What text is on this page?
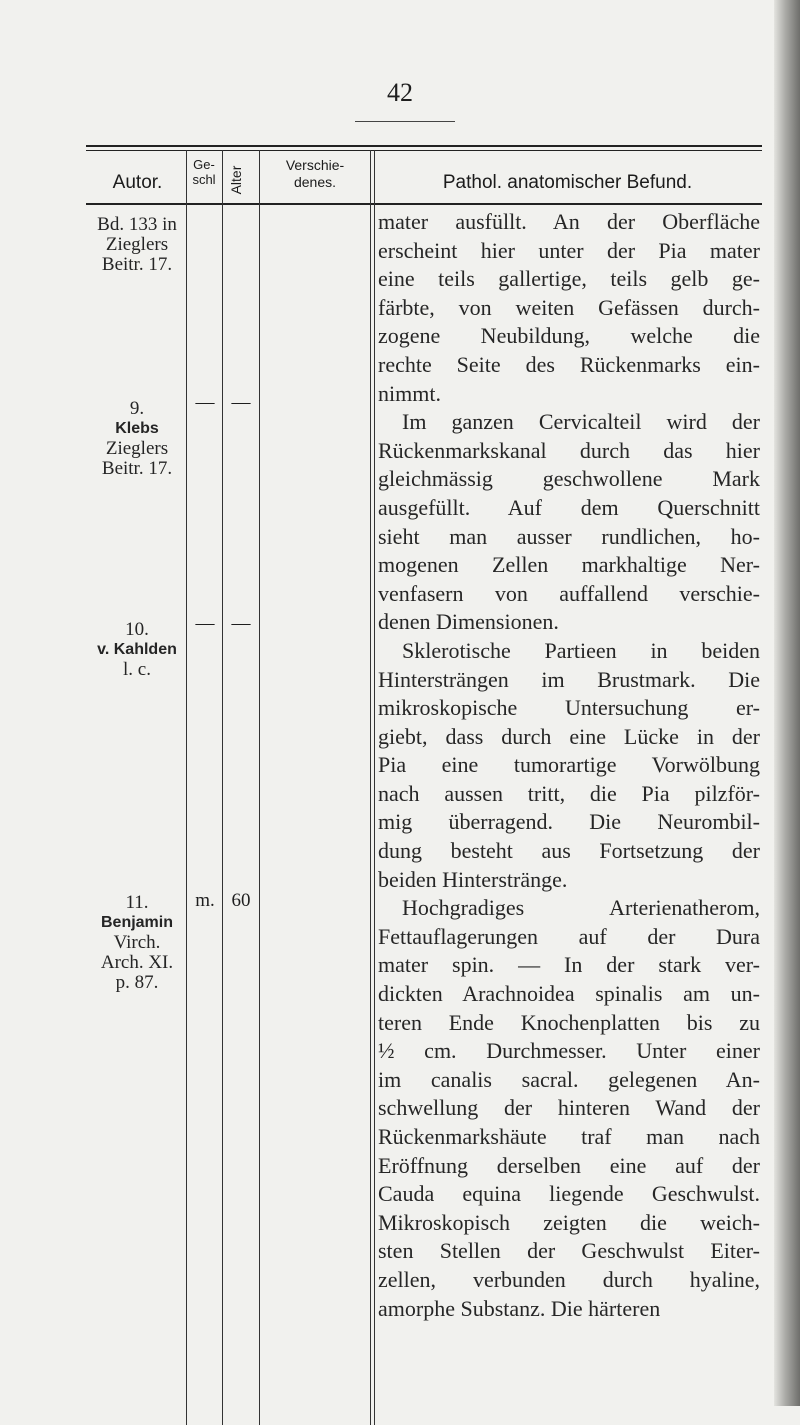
42
Autor.
Ge-
schl Alter
Verschie-
denes.	Pathol. anatomischer Befund.
Bd. 133 in
Zieglers
Beitr. 17.
9.
Klebs
Zieglers
Beitr. 17.
— —
10.
v. Kahlden
l. c.
— —
11.
Benjamin
Virch.
Arch. XI.
p. 87.
m. 60
mater ausfüllt. An der Oberfläche
erscheint hier unter der Pia mater
eine teils gallertige, teils gelb ge-
färbte, von weiten Gefässen durch-
zogene Neubildung, welche die
rechte Seite des Rückenmarks ein-
nimmt.
Im ganzen Cervicalteil wird der
Rückenmarkskanal durch das hier
gleichmässig geschwollene Mark
ausgefüllt. Auf dem Querschnitt
sieht man ausser rundlichen, ho-
mogenen Zellen markhaltige Ner-
venfasern von auffallend verschie-
denen Dimensionen.
Sklerotische Partieen in beiden
Hintersträngen im Brustmark. Die
mikroskopische Untersuchung er-
giebt, dass durch eine Lücke in der
Pia eine tumorartige Vorwölbung
nach aussen tritt, die Pia pilzför-
mig überragend. Die Neurombil-
dung besteht aus Fortsetzung der
beiden Hinterstränge.
Hochgradiges Arterienatherom,
Fettauflagerungen auf der Dura
mater spin. — In der stark ver-
dickten Arachnoidea spinalis am un-
teren Ende Knochenplatten bis zu
½ cm. Durchmesser. Unter einer
im canalis sacral. gelegenen An-
schwellung der hinteren Wand der
Rückenmarkshäute traf man nach
Eröffnung derselben eine auf der
Cauda equina liegende Geschwulst.
Mikroskopisch zeigten die weich-
sten Stellen der Geschwulst Eiter-
zellen, verbunden durch hyaline,
amorphe Substanz. Die härteren
